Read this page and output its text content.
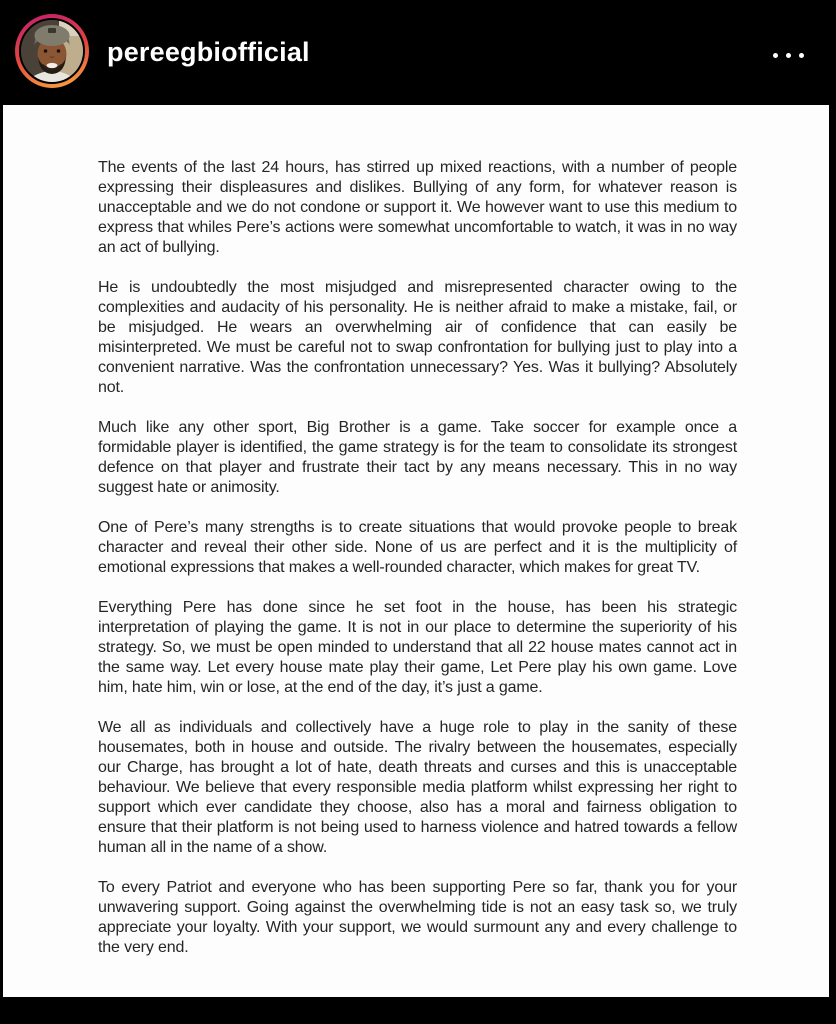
pereegbiofficial

The events of the last 24 hours, has stirred up mixed reactions, with a number of people expressing their displeasures and dislikes. Bullying of any form, for whatever reason is unacceptable and we do not condone or support it. We however want to use this medium to express that whiles Pere’s actions were somewhat uncomfortable to watch, it was in no way an act of bullying.

He is undoubtedly the most misjudged and misrepresented character owing to the complexities and audacity of his personality. He is neither afraid to make a mistake, fail, or be misjudged. He wears an overwhelming air of confidence that can easily be misinterpreted. We must be careful not to swap confrontation for bullying just to play into a convenient narrative. Was the confrontation unnecessary? Yes. Was it bullying? Absolutely not.

Much like any other sport, Big Brother is a game. Take soccer for example once a formidable player is identified, the game strategy is for the team to consolidate its strongest defence on that player and frustrate their tact by any means necessary. This in no way suggest hate or animosity.

One of Pere’s many strengths is to create situations that would provoke people to break character and reveal their other side. None of us are perfect and it is the multiplicity of emotional expressions that makes a well-rounded character, which makes for great TV.

Everything Pere has done since he set foot in the house, has been his strategic interpretation of playing the game. It is not in our place to determine the superiority of his strategy. So, we must be open minded to understand that all 22 house mates cannot act in the same way. Let every house mate play their game, Let Pere play his own game. Love him, hate him, win or lose, at the end of the day, it’s just a game.

We all as individuals and collectively have a huge role to play in the sanity of these housemates, both in house and outside. The rivalry between the housemates, especially our Charge, has brought a lot of hate, death threats and curses and this is unacceptable behaviour. We believe that every responsible media platform whilst expressing her right to support which ever candidate they choose, also has a moral and fairness obligation to ensure that their platform is not being used to harness violence and hatred towards a fellow human all in the name of a show.

To every Patriot and everyone who has been supporting Pere so far, thank you for your unwavering support. Going against the overwhelming tide is not an easy task so, we truly appreciate your loyalty. With your support, we would surmount any and every challenge to the very end.
